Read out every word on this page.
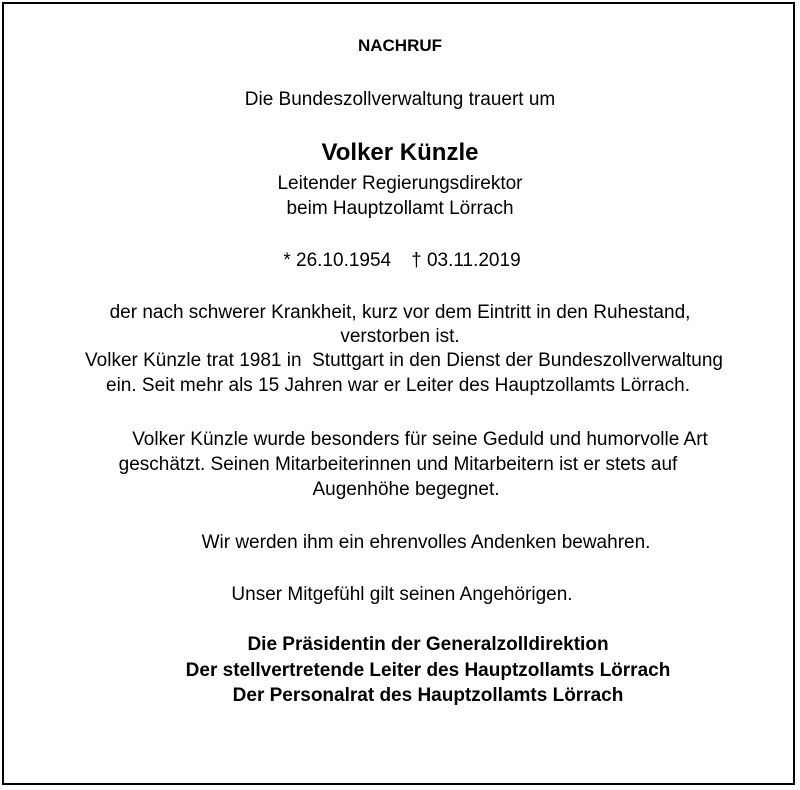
NACHRUF
Die Bundeszollverwaltung trauert um
Volker Künzle
Leitender Regierungsdirektor
beim Hauptzollamt Lörrach
* 26.10.1954 † 03.11.2019
der nach schwerer Krankheit, kurz vor dem Eintritt in den Ruhestand,
verstorben ist.
Volker Künzle trat 1981 in  Stuttgart in den Dienst der Bundeszollverwaltung
ein. Seit mehr als 15 Jahren war er Leiter des Hauptzollamts Lörrach.
Volker Künzle wurde besonders für seine Geduld und humorvolle Art
geschätzt. Seinen Mitarbeiterinnen und Mitarbeitern ist er stets auf
Augenhöhe begegnet.
Wir werden ihm ein ehrenvolles Andenken bewahren.
Unser Mitgefühl gilt seinen Angehörigen.
Die Präsidentin der Generalzolldirektion
Der stellvertretende Leiter des Hauptzollamts Lörrach
Der Personalrat des Hauptzollamts Lörrach
